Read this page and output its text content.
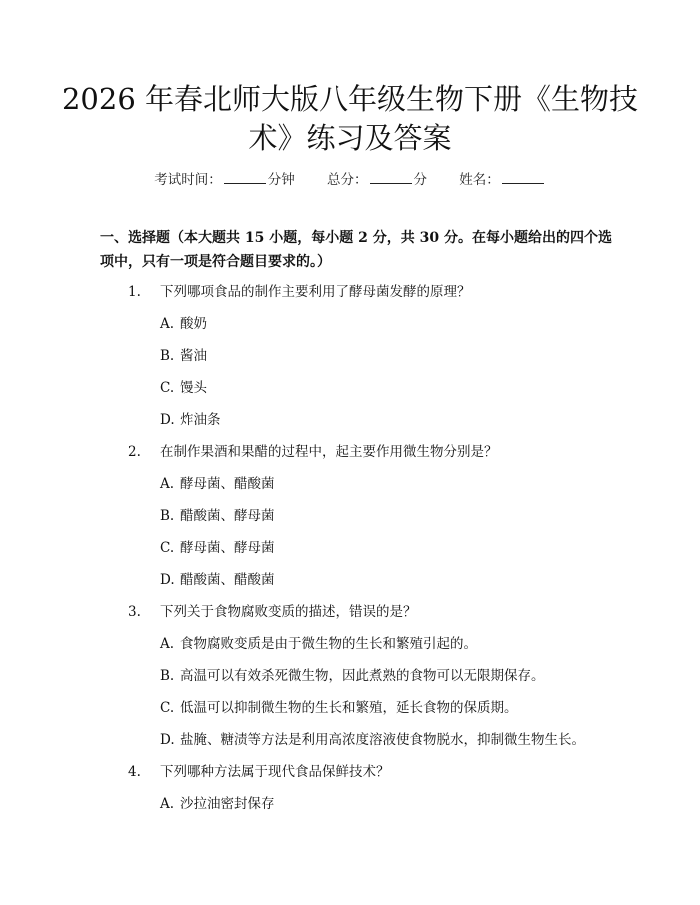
2026 年春北师大版八年级生物下册《生物技
术》练习及答案
考试时间：	分钟 总分：	分 姓名：
一、选择题（本大题共 15 小题，每小题 2 分，共 30 分。在每小题给出的四个选项中，只有一项是符合题目要求的。）
1. 下列哪项食品的制作主要利用了酵母菌发酵的原理？
A. 酸奶
B. 酱油
C. 馒头
D. 炸油条
2. 在制作果酒和果醋的过程中，起主要作用微生物分别是？
A. 酵母菌、醋酸菌
B. 醋酸菌、酵母菌
C. 酵母菌、酵母菌
D. 醋酸菌、醋酸菌
3. 下列关于食物腐败变质的描述，错误的是？
A. 食物腐败变质是由于微生物的生长和繁殖引起的。
B. 高温可以有效杀死微生物，因此煮熟的食物可以无限期保存。
C. 低温可以抑制微生物的生长和繁殖，延长食物的保质期。
D. 盐腌、糖渍等方法是利用高浓度溶液使食物脱水，抑制微生物生长。
4. 下列哪种方法属于现代食品保鲜技术？
A. 沙拉油密封保存
